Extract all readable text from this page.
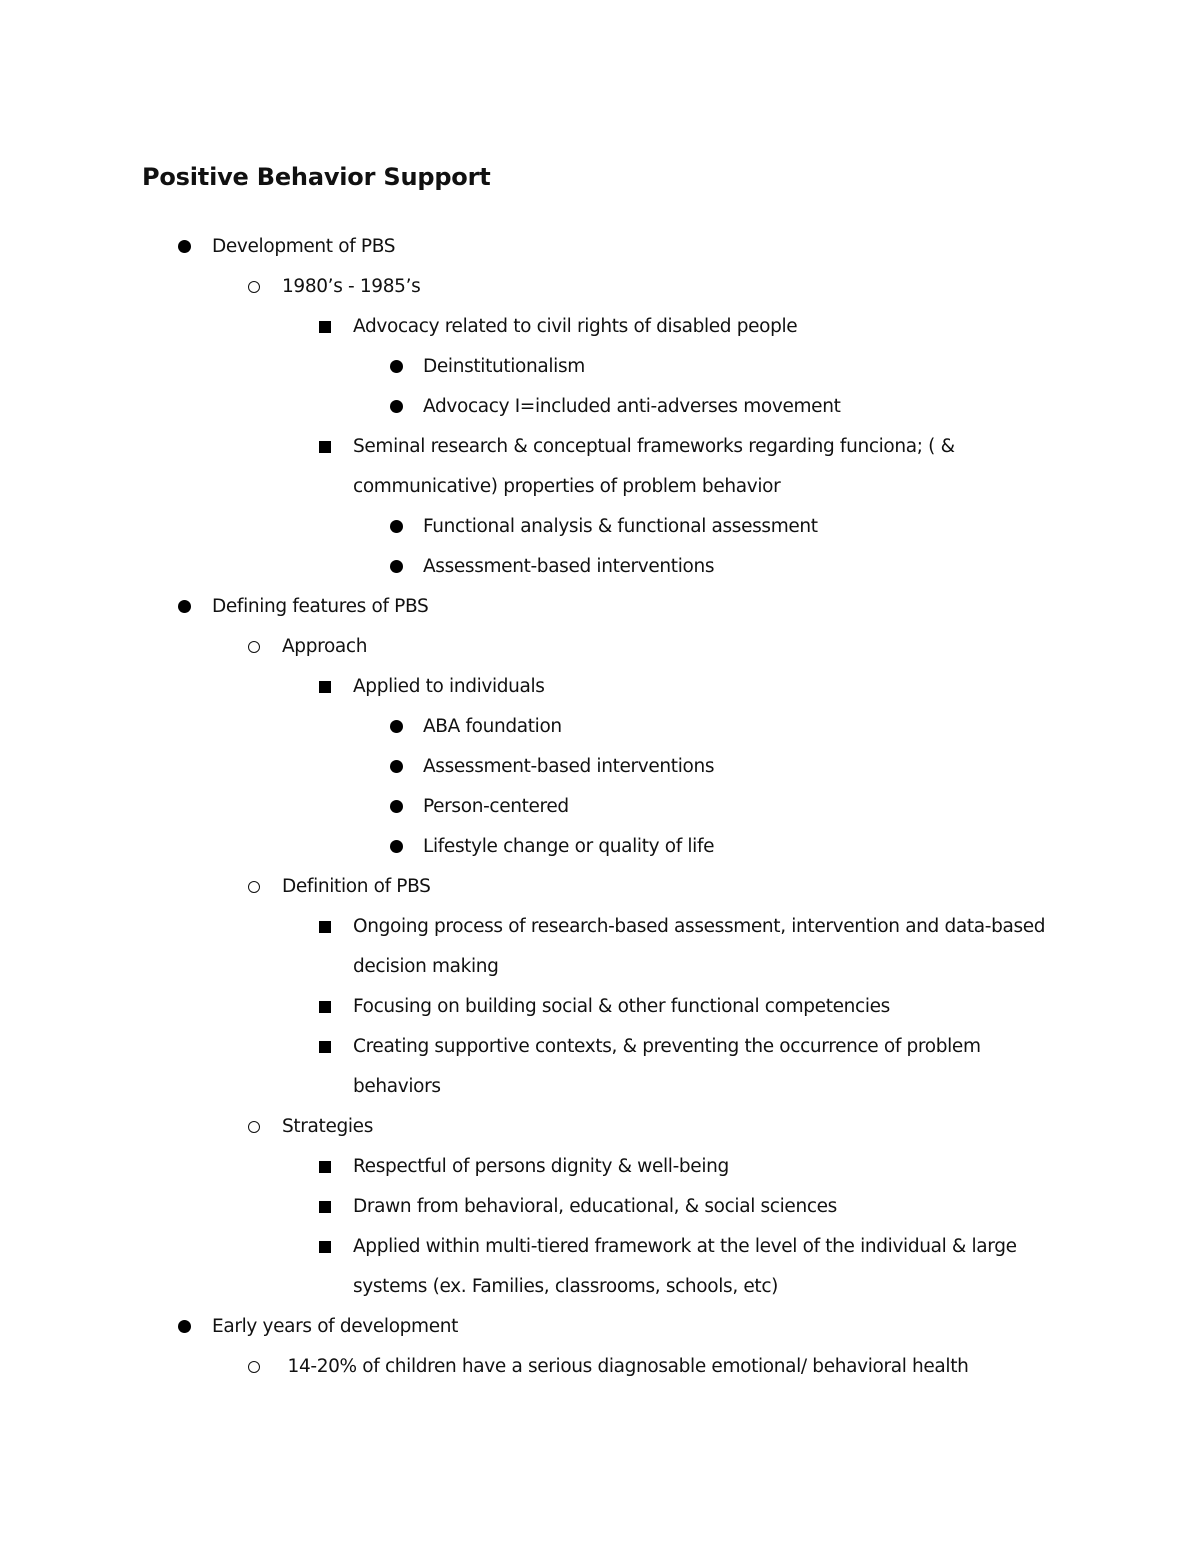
Positive Behavior Support
Development of PBS
1980’s - 1985’s
Advocacy related to civil rights of disabled people
Deinstitutionalism
Advocacy I=included anti-adverses movement
Seminal research & conceptual frameworks regarding funciona; ( &
communicative) properties of problem behavior
Functional analysis & functional assessment
Assessment-based interventions
Defining features of PBS
Approach
Applied to individuals
ABA foundation
Assessment-based interventions
Person-centered
Lifestyle change or quality of life
Definition of PBS
Ongoing process of research-based assessment, intervention and data-based
decision making
Focusing on building social & other functional competencies
Creating supportive contexts, & preventing the occurrence of problem
behaviors
Strategies
Respectful of persons dignity & well-being
Drawn from behavioral, educational, & social sciences
Applied within multi-tiered framework at the level of the individual & large
systems (ex. Families, classrooms, schools, etc)
Early years of development
14-20% of children have a serious diagnosable emotional/ behavioral health
